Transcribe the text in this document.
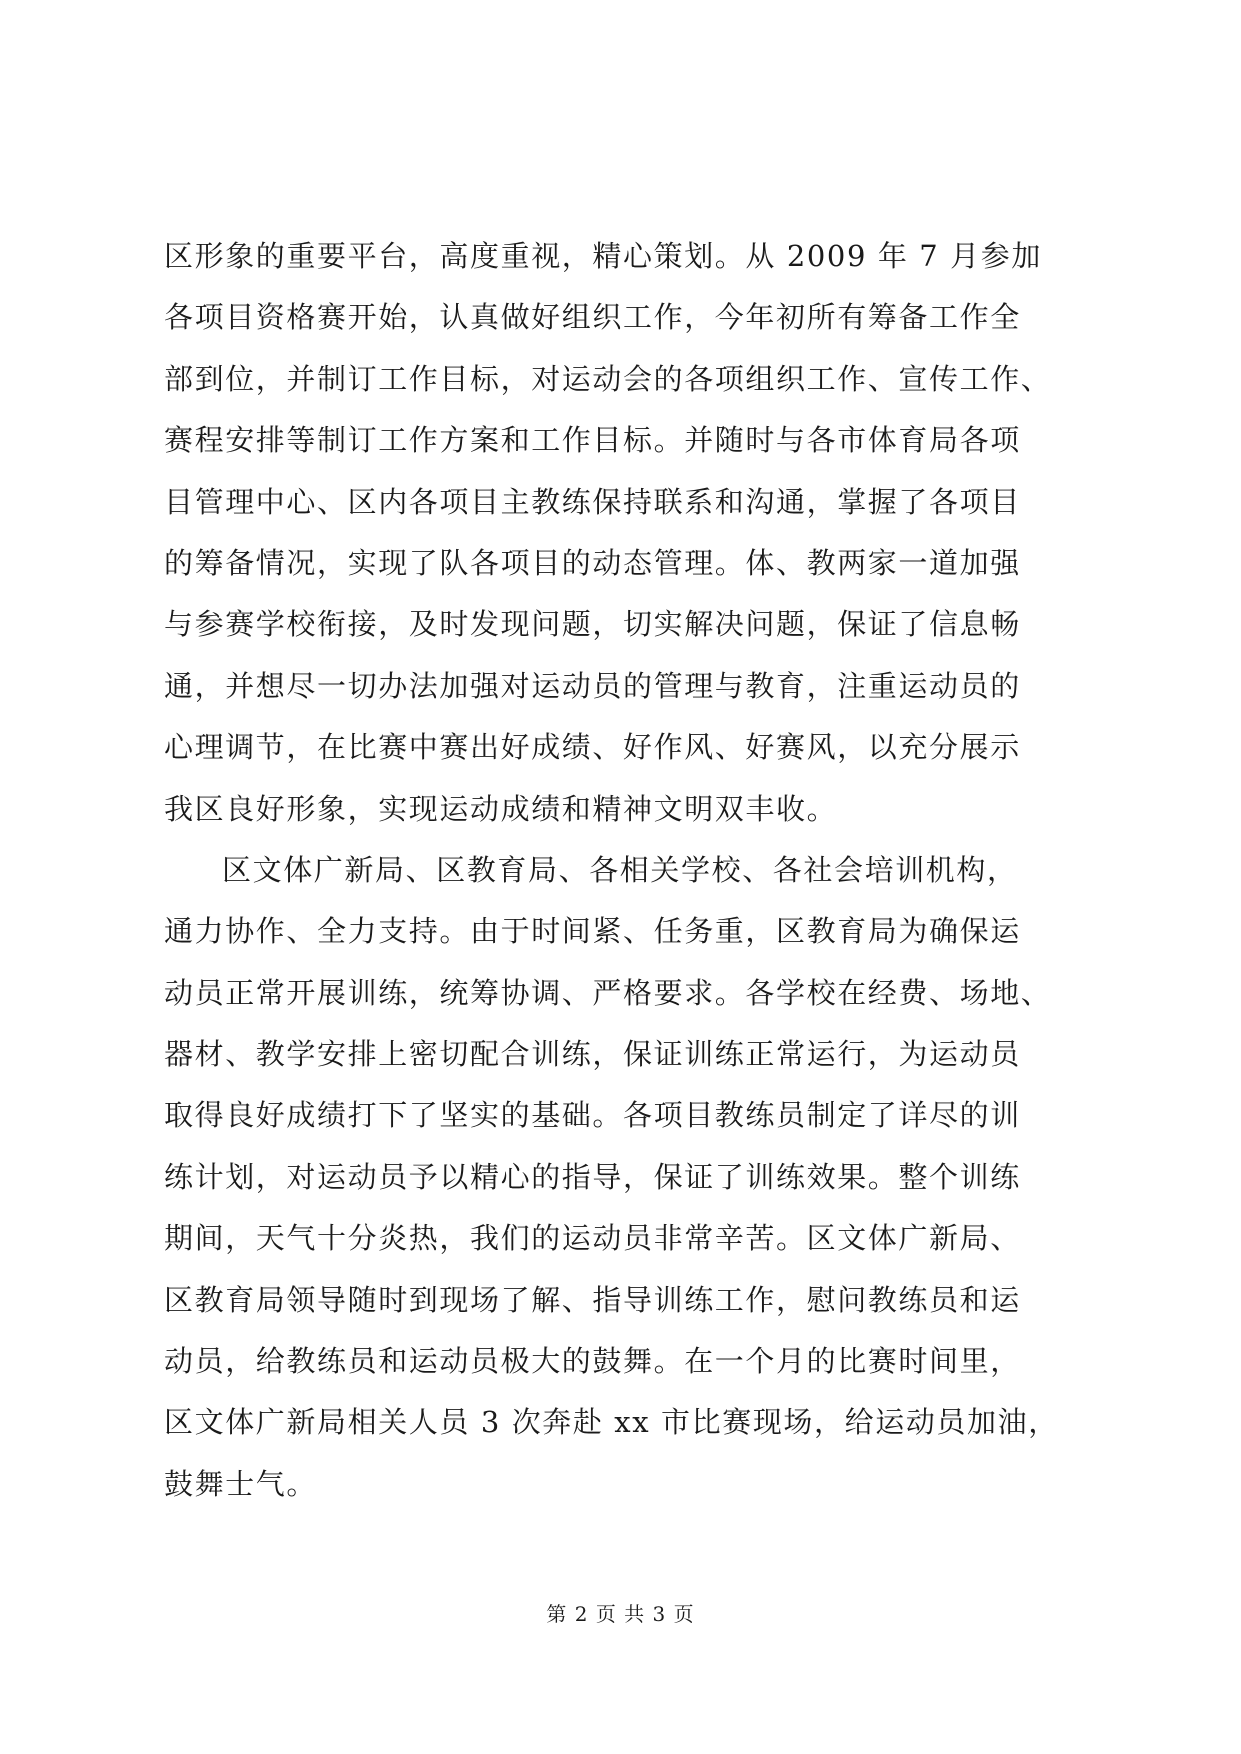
区形象的重要平台，高度重视，精心策划。从 2009 年 7 月参加
各项目资格赛开始，认真做好组织工作，今年初所有筹备工作全
部到位，并制订工作目标，对运动会的各项组织工作、宣传工作、
赛程安排等制订工作方案和工作目标。并随时与各市体育局各项
目管理中心、区内各项目主教练保持联系和沟通，掌握了各项目
的筹备情况，实现了队各项目的动态管理。体、教两家一道加强
与参赛学校衔接，及时发现问题，切实解决问题，保证了信息畅
通，并想尽一切办法加强对运动员的管理与教育，注重运动员的
心理调节，在比赛中赛出好成绩、好作风、好赛风，以充分展示
我区良好形象，实现运动成绩和精神文明双丰收。
区文体广新局、区教育局、各相关学校、各社会培训机构，
通力协作、全力支持。由于时间紧、任务重，区教育局为确保运
动员正常开展训练，统筹协调、严格要求。各学校在经费、场地、
器材、教学安排上密切配合训练，保证训练正常运行，为运动员
取得良好成绩打下了坚实的基础。各项目教练员制定了详尽的训
练计划，对运动员予以精心的指导，保证了训练效果。整个训练
期间，天气十分炎热，我们的运动员非常辛苦。区文体广新局、
区教育局领导随时到现场了解、指导训练工作，慰问教练员和运
动员，给教练员和运动员极大的鼓舞。在一个月的比赛时间里，
区文体广新局相关人员 3 次奔赴 xx 市比赛现场，给运动员加油，
鼓舞士气。
第 2 页 共 3 页
